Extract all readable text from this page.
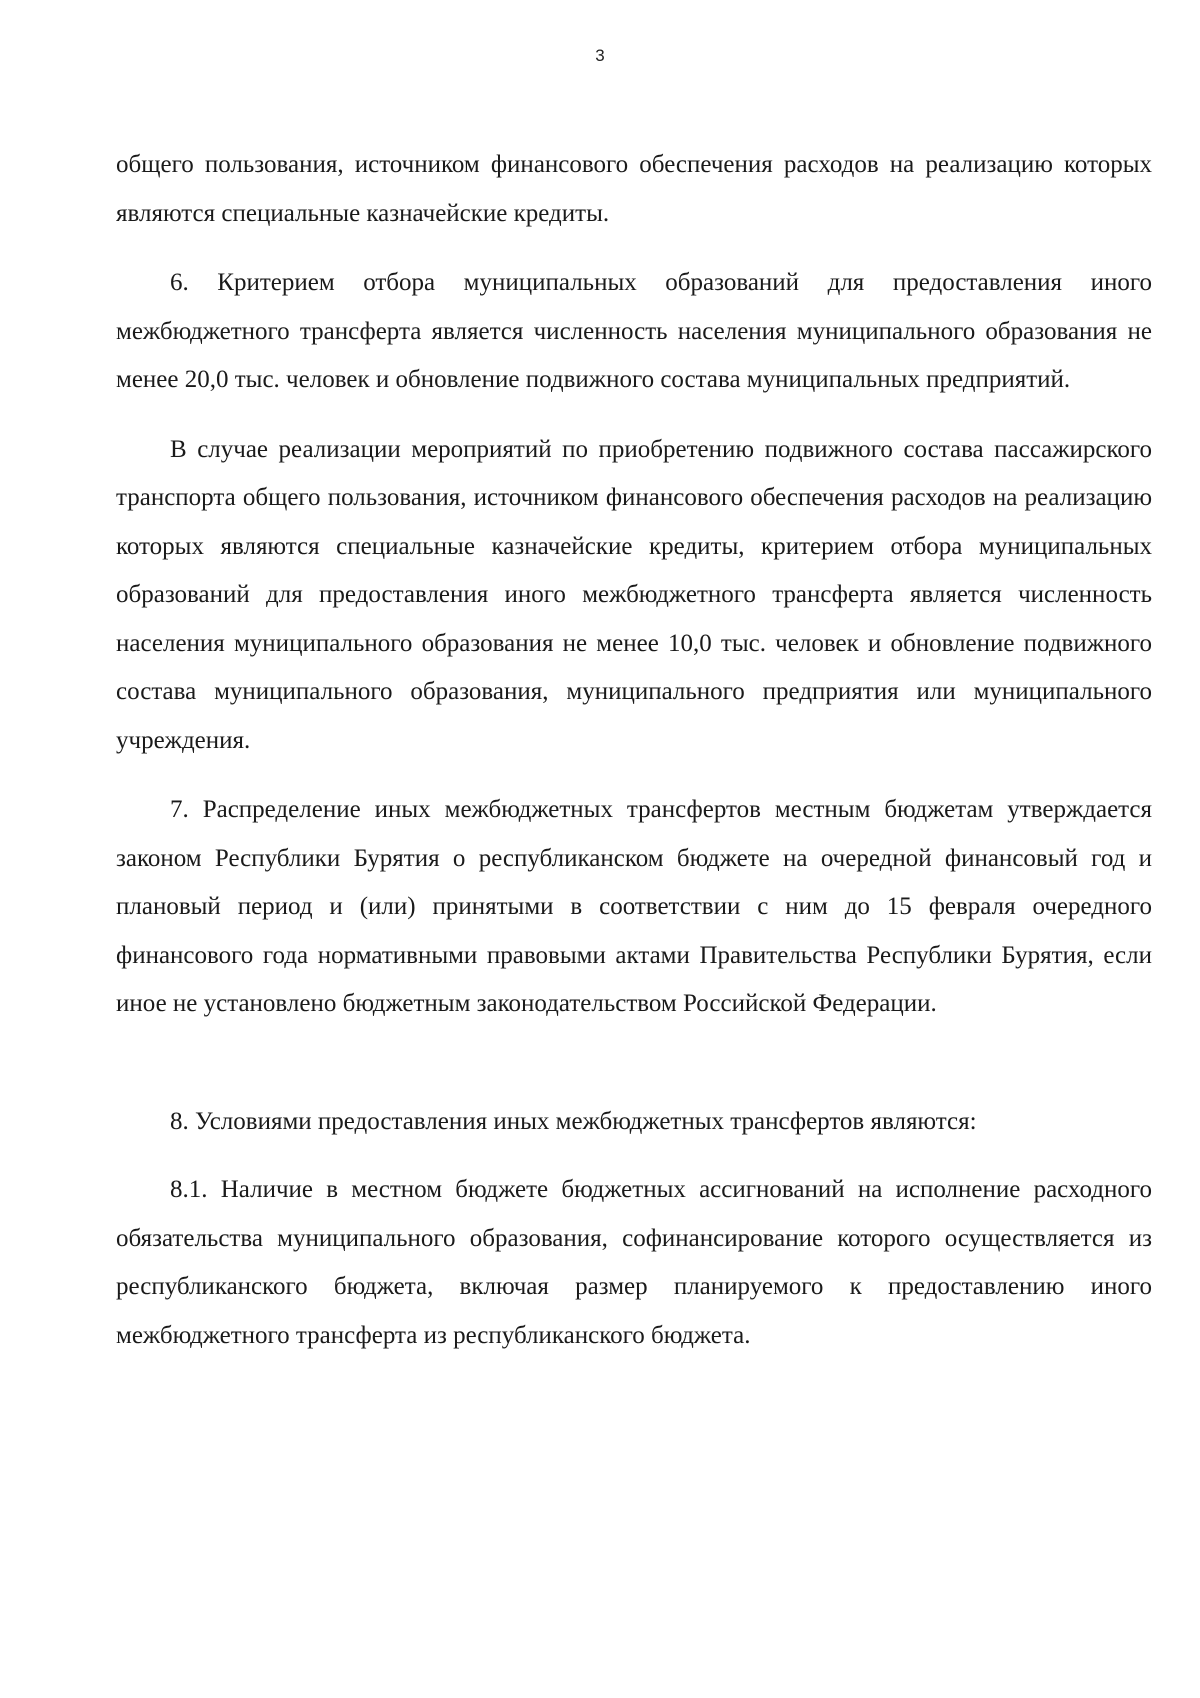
3

общего пользования, источником финансового обеспечения расходов на реализацию которых являются специальные казначейские кредиты.

6. Критерием отбора муниципальных образований для предоставления иного межбюджетного трансферта является численность населения муниципального образования не менее 20,0 тыс. человек и обновление подвижного состава муниципальных предприятий.

В случае реализации мероприятий по приобретению подвижного состава пассажирского транспорта общего пользования, источником финансового обеспечения расходов на реализацию которых являются специальные казначейские кредиты, критерием отбора муниципальных образований для предоставления иного межбюджетного трансферта является численность населения муниципального образования не менее 10,0 тыс. человек и обновление подвижного состава муниципального образования, муниципального предприятия или муниципального учреждения.

7. Распределение иных межбюджетных трансфертов местным бюджетам утверждается законом Республики Бурятия о республиканском бюджете на очередной финансовый год и плановый период и (или) принятыми в соответствии с ним до 15 февраля очередного финансового года нормативными правовыми актами Правительства Республики Бурятия, если иное не установлено бюджетным законодательством Российской Федерации.

8. Условиями предоставления иных межбюджетных трансфертов являются:

8.1. Наличие в местном бюджете бюджетных ассигнований на исполнение расходного обязательства муниципального образования, софинансирование которого осуществляется из республиканского бюджета, включая размер планируемого к предоставлению иного межбюджетного трансферта из республиканского бюджета.
